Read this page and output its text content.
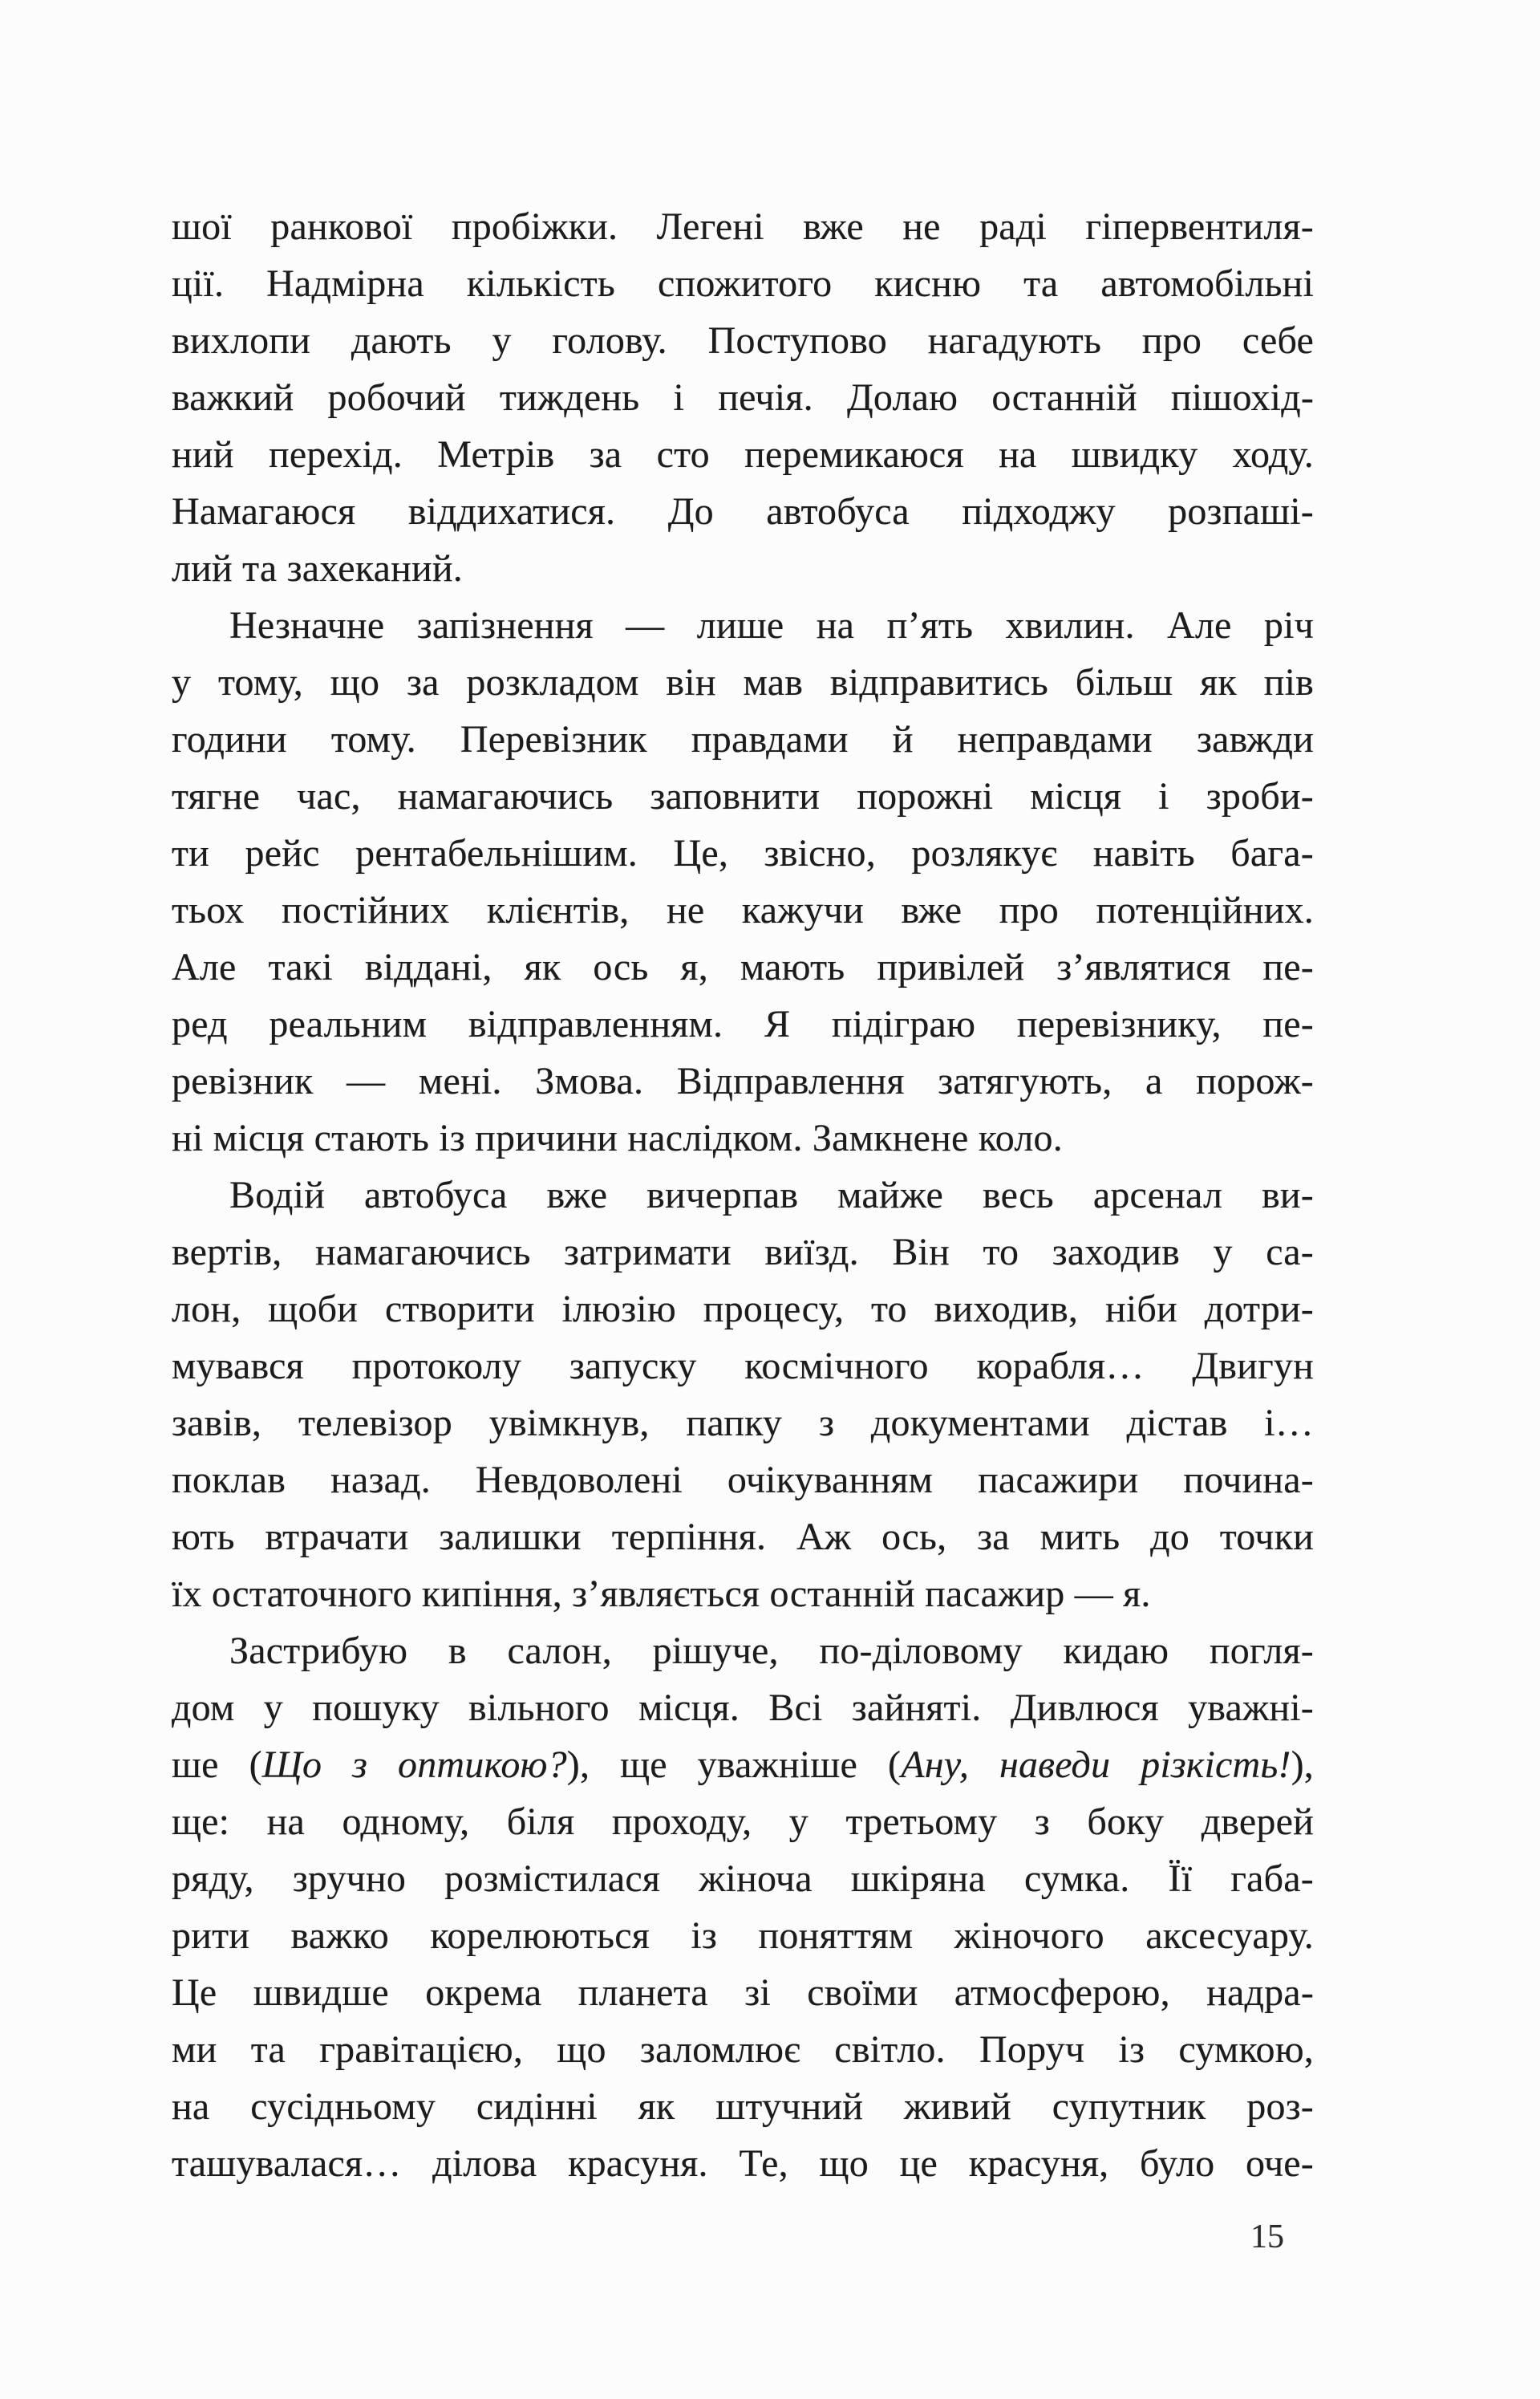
шої ранкової пробіжки. Легені вже не раді гіпервентиля-
ції. Надмірна кількість спожитого кисню та автомобільні
вихлопи дають у голову. Поступово нагадують про себе
важкий робочий тиждень і печія. Долаю останній пішохід-
ний перехід. Метрів за сто перемикаюся на швидку ходу.
Намагаюся віддихатися. До автобуса підходжу розпаші-
лий та захеканий.
Незначне запізнення — лише на п’ять хвилин. Але річ
у тому, що за розкладом він мав відправитись більш як пів
години тому. Перевізник правдами й неправдами завжди
тягне час, намагаючись заповнити порожні місця і зроби-
ти рейс рентабельнішим. Це, звісно, розлякує навіть бага-
тьох постійних клієнтів, не кажучи вже про потенційних.
Але такі віддані, як ось я, мають привілей з’являтися пе-
ред реальним відправленням. Я підіграю перевізнику, пе-
ревізник — мені. Змова. Відправлення затягують, а порож-
ні місця стають із причини наслідком. Замкнене коло.
Водій автобуса вже вичерпав майже весь арсенал ви-
вертів, намагаючись затримати виїзд. Він то заходив у са-
лон, щоби створити ілюзію процесу, то виходив, ніби дотри-
мувався протоколу запуску космічного корабля… Двигун
завів, телевізор увімкнув, папку з документами дістав і…
поклав назад. Невдоволені очікуванням пасажири почина-
ють втрачати залишки терпіння. Аж ось, за мить до точки
їх остаточного кипіння, з’являється останній пасажир — я.
Застрибую в салон, рішуче, по-діловому кидаю погля-
дом у пошуку вільного місця. Всі зайняті. Дивлюся уважні-
ше (Що з оптикою?), ще уважніше (Ану, наведи різкість!),
ще: на одному, біля проходу, у третьому з боку дверей
ряду, зручно розмістилася жіноча шкіряна сумка. Її габа-
рити важко корелюються із поняттям жіночого аксесуару.
Це швидше окрема планета зі своїми атмосферою, надра-
ми та гравітацією, що заломлює світло. Поруч із сумкою,
на сусідньому сидінні як штучний живий супутник роз-
ташувалася… ділова красуня. Те, що це красуня, було оче-
15
